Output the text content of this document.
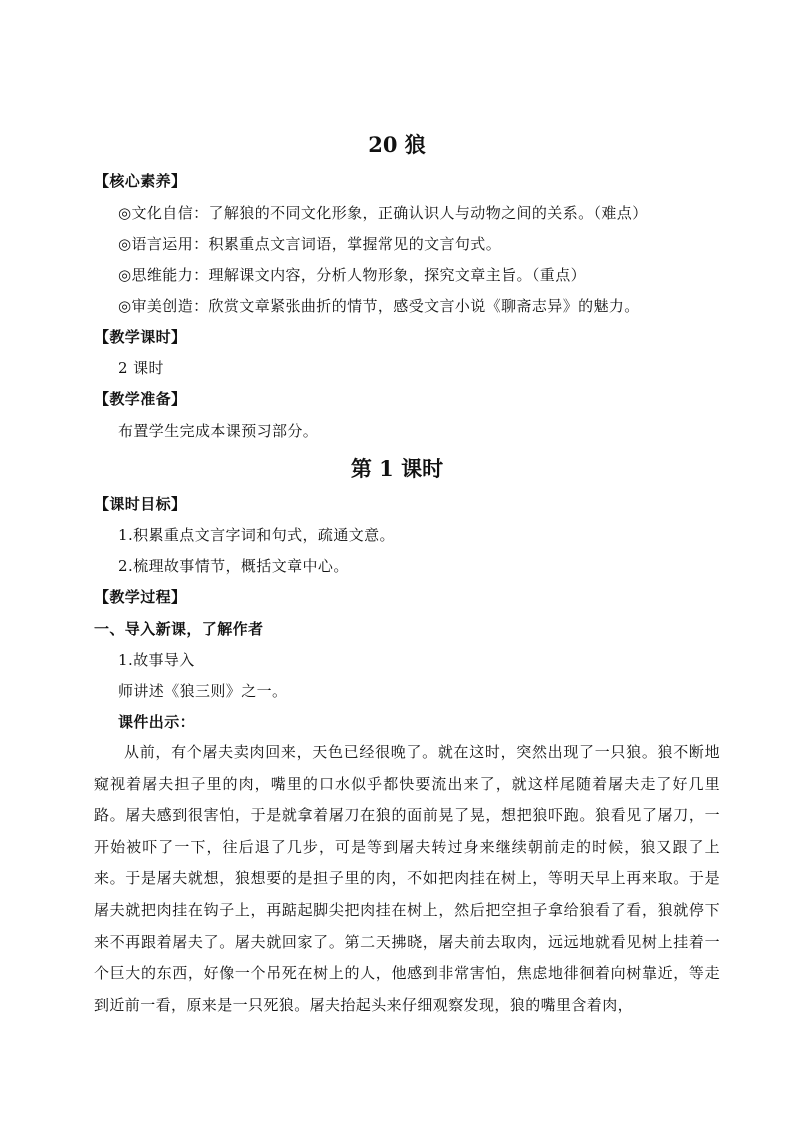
20 狼
【核心素养】
◎文化自信：了解狼的不同文化形象，正确认识人与动物之间的关系。（难点）
◎语言运用：积累重点文言词语，掌握常见的文言句式。
◎思维能力：理解课文内容，分析人物形象，探究文章主旨。（重点）
◎审美创造：欣赏文章紧张曲折的情节，感受文言小说《聊斋志异》的魅力。
【教学课时】
2 课时
【教学准备】
布置学生完成本课预习部分。
第 1 课时
【课时目标】
1.积累重点文言字词和句式，疏通文意。
2.梳理故事情节，概括文章中心。
【教学过程】
一、导入新课，了解作者
1.故事导入
师讲述《狼三则》之一。
课件出示：

从前，有个屠夫卖肉回来，天色已经很晚了。就在这时，突然出现了一只狼。狼不断地窥视着屠夫担子里的肉，嘴里的口水似乎都快要流出来了，就这样尾随着屠夫走了好几里路。屠夫感到很害怕，于是就拿着屠刀在狼的面前晃了晃，想把狼吓跑。狼看见了屠刀，一开始被吓了一下，往后退了几步，可是等到屠夫转过身来继续朝前走的时候，狼又跟了上来。于是屠夫就想，狼想要的是担子里的肉，不如把肉挂在树上，等明天早上再来取。于是屠夫就把肉挂在钩子上，再踮起脚尖把肉挂在树上，然后把空担子拿给狼看了看，狼就停下来不再跟着屠夫了。屠夫就回家了。第二天拂晓，屠夫前去取肉，远远地就看见树上挂着一个巨大的东西，好像一个吊死在树上的人，他感到非常害怕，焦虑地徘徊着向树靠近，等走到近前一看，原来是一只死狼。屠夫抬起头来仔细观察发现，狼的嘴里含着肉，
